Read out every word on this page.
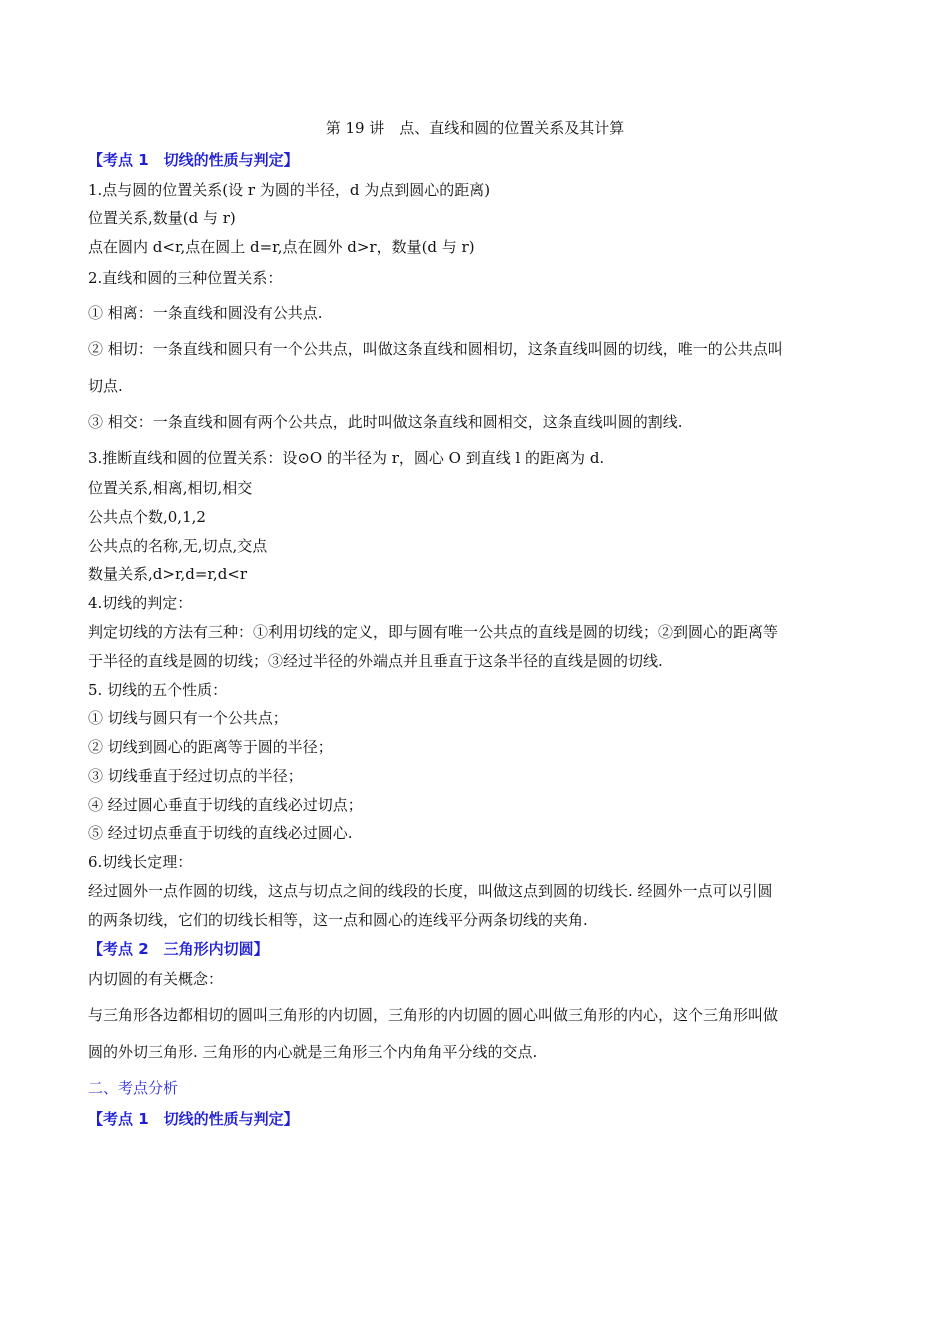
第 19 讲　点、直线和圆的位置关系及其计算
【考点 1　切线的性质与判定】
1.点与圆的位置关系(设 r 为圆的半径，d 为点到圆心的距离)
位置关系,数量(d 与 r)
点在圆内 d<r,点在圆上 d=r,点在圆外 d>r，数量(d 与 r)
2.直线和圆的三种位置关系：
① 相离：一条直线和圆没有公共点.
② 相切：一条直线和圆只有一个公共点，叫做这条直线和圆相切，这条直线叫圆的切线，唯一的公共点叫
切点.
③ 相交：一条直线和圆有两个公共点，此时叫做这条直线和圆相交，这条直线叫圆的割线.
3.推断直线和圆的位置关系：设⊙O 的半径为 r，圆心 O 到直线 l 的距离为 d.
位置关系,相离,相切,相交
公共点个数,0,1,2
公共点的名称,无,切点,交点
数量关系,d>r,d=r,d<r
4.切线的判定：
判定切线的方法有三种：①利用切线的定义，即与圆有唯一公共点的直线是圆的切线；②到圆心的距离等
于半径的直线是圆的切线；③经过半径的外端点并且垂直于这条半径的直线是圆的切线.
5. 切线的五个性质：
① 切线与圆只有一个公共点；
② 切线到圆心的距离等于圆的半径；
③ 切线垂直于经过切点的半径；
④ 经过圆心垂直于切线的直线必过切点；
⑤ 经过切点垂直于切线的直线必过圆心.
6.切线长定理：
经过圆外一点作圆的切线，这点与切点之间的线段的长度，叫做这点到圆的切线长. 经圆外一点可以引圆
的两条切线，它们的切线长相等，这一点和圆心的连线平分两条切线的夹角.
【考点 2　三角形内切圆】
内切圆的有关概念：
与三角形各边都相切的圆叫三角形的内切圆，三角形的内切圆的圆心叫做三角形的内心，这个三角形叫做
圆的外切三角形. 三角形的内心就是三角形三个内角角平分线的交点.
二、考点分析
【考点 1　切线的性质与判定】
